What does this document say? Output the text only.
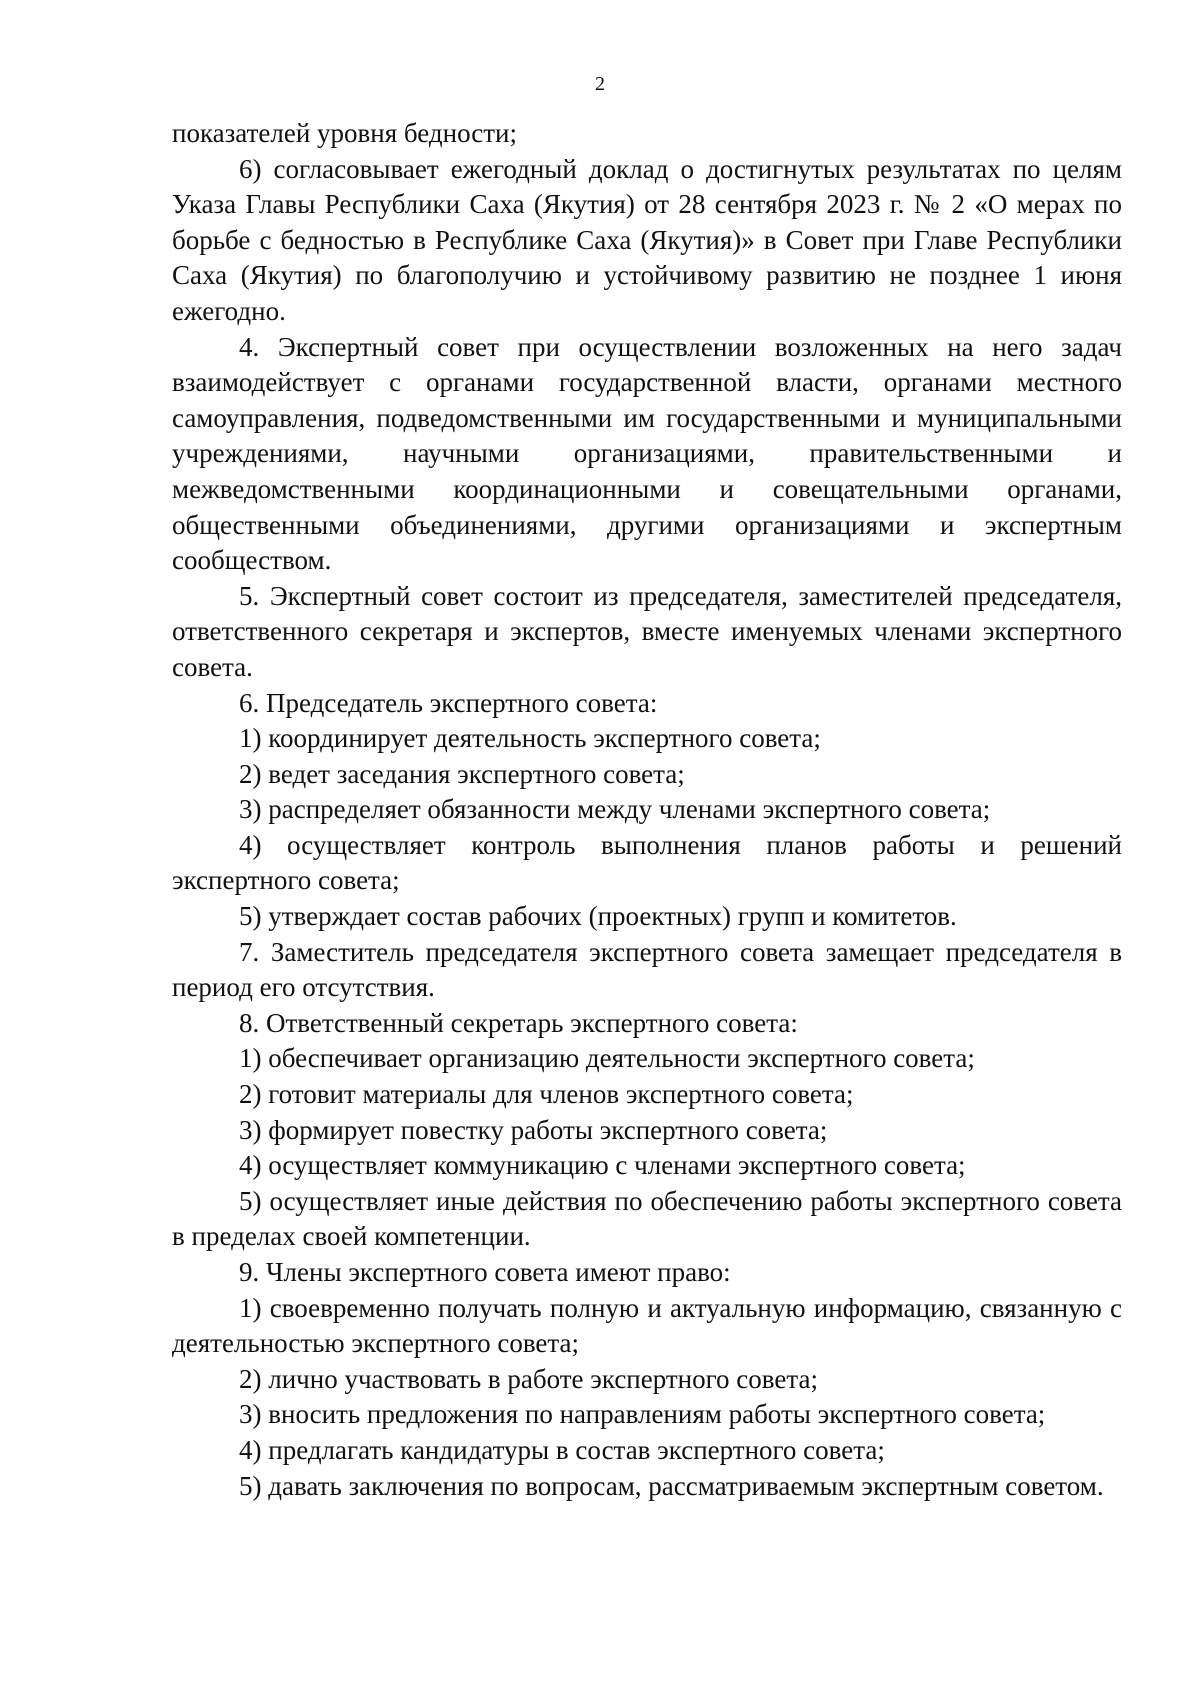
2

показателей уровня бедности;

6) согласовывает ежегодный доклад о достигнутых результатах по целям Указа Главы Республики Саха (Якутия) от 28 сентября 2023 г. № 2 «О мерах по борьбе с бедностью в Республике Саха (Якутия)» в Совет при Главе Республики Саха (Якутия) по благополучию и устойчивому развитию не позднее 1 июня ежегодно.

4. Экспертный совет при осуществлении возложенных на него задач взаимодействует с органами государственной власти, органами местного самоуправления, подведомственными им государственными и муниципальными учреждениями, научными организациями, правительственными и межведомственными координационными и совещательными органами, общественными объединениями, другими организациями и экспертным сообществом.

5. Экспертный совет состоит из председателя, заместителей председателя, ответственного секретаря и экспертов, вместе именуемых членами экспертного совета.

6. Председатель экспертного совета:

1) координирует деятельность экспертного совета;

2) ведет заседания экспертного совета;

3) распределяет обязанности между членами экспертного совета;

4) осуществляет контроль выполнения планов работы и решений экспертного совета;

5) утверждает состав рабочих (проектных) групп и комитетов.

7. Заместитель председателя экспертного совета замещает председателя в период его отсутствия.

8. Ответственный секретарь экспертного совета:

1) обеспечивает организацию деятельности экспертного совета;

2) готовит материалы для членов экспертного совета;

3) формирует повестку работы экспертного совета;

4) осуществляет коммуникацию с членами экспертного совета;

5) осуществляет иные действия по обеспечению работы экспертного совета в пределах своей компетенции.

9. Члены экспертного совета имеют право:

1) своевременно получать полную и актуальную информацию, связанную с деятельностью экспертного совета;

2) лично участвовать в работе экспертного совета;

3) вносить предложения по направлениям работы экспертного совета;

4) предлагать кандидатуры в состав экспертного совета;

5) давать заключения по вопросам, рассматриваемым экспертным советом.
